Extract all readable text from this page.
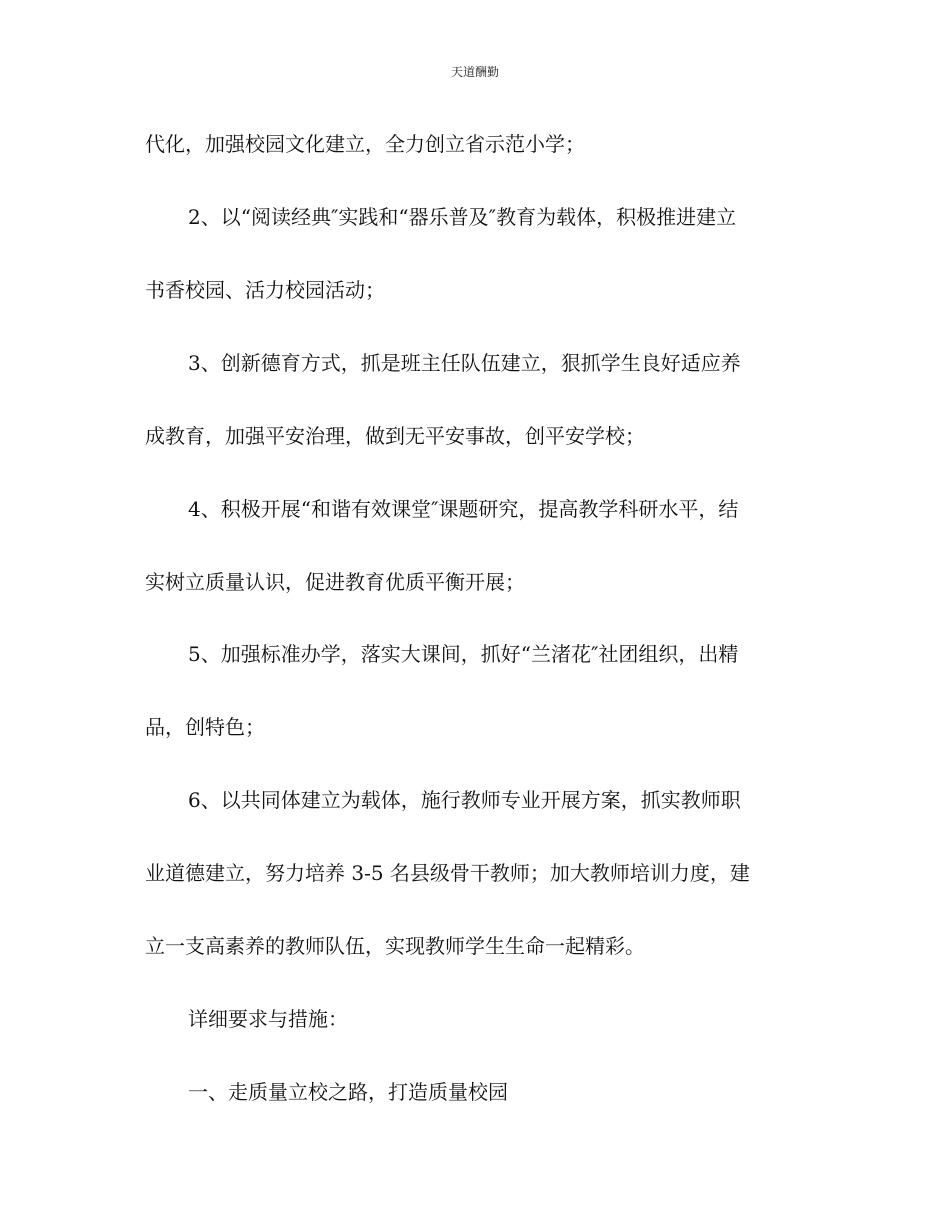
天道酬勤
代化，加强校园文化建立，全力创立省示范小学；
2、以“阅读经典″实践和“器乐普及″教育为载体，积极推进建立
书香校园、活力校园活动；
3、创新德育方式，抓是班主任队伍建立，狠抓学生良好适应养
成教育，加强平安治理，做到无平安事故，创平安学校；
4、积极开展“和谐有效课堂″课题研究，提高教学科研水平，结
实树立质量认识，促进教育优质平衡开展；
5、加强标准办学，落实大课间，抓好“兰渚花″社团组织，出精
品，创特色；
6、以共同体建立为载体，施行教师专业开展方案，抓实教师职
业道德建立，努力培养 3-5 名县级骨干教师；加大教师培训力度，建
立一支高素养的教师队伍，实现教师学生生命一起精彩。
详细要求与措施：
一、走质量立校之路，打造质量校园
